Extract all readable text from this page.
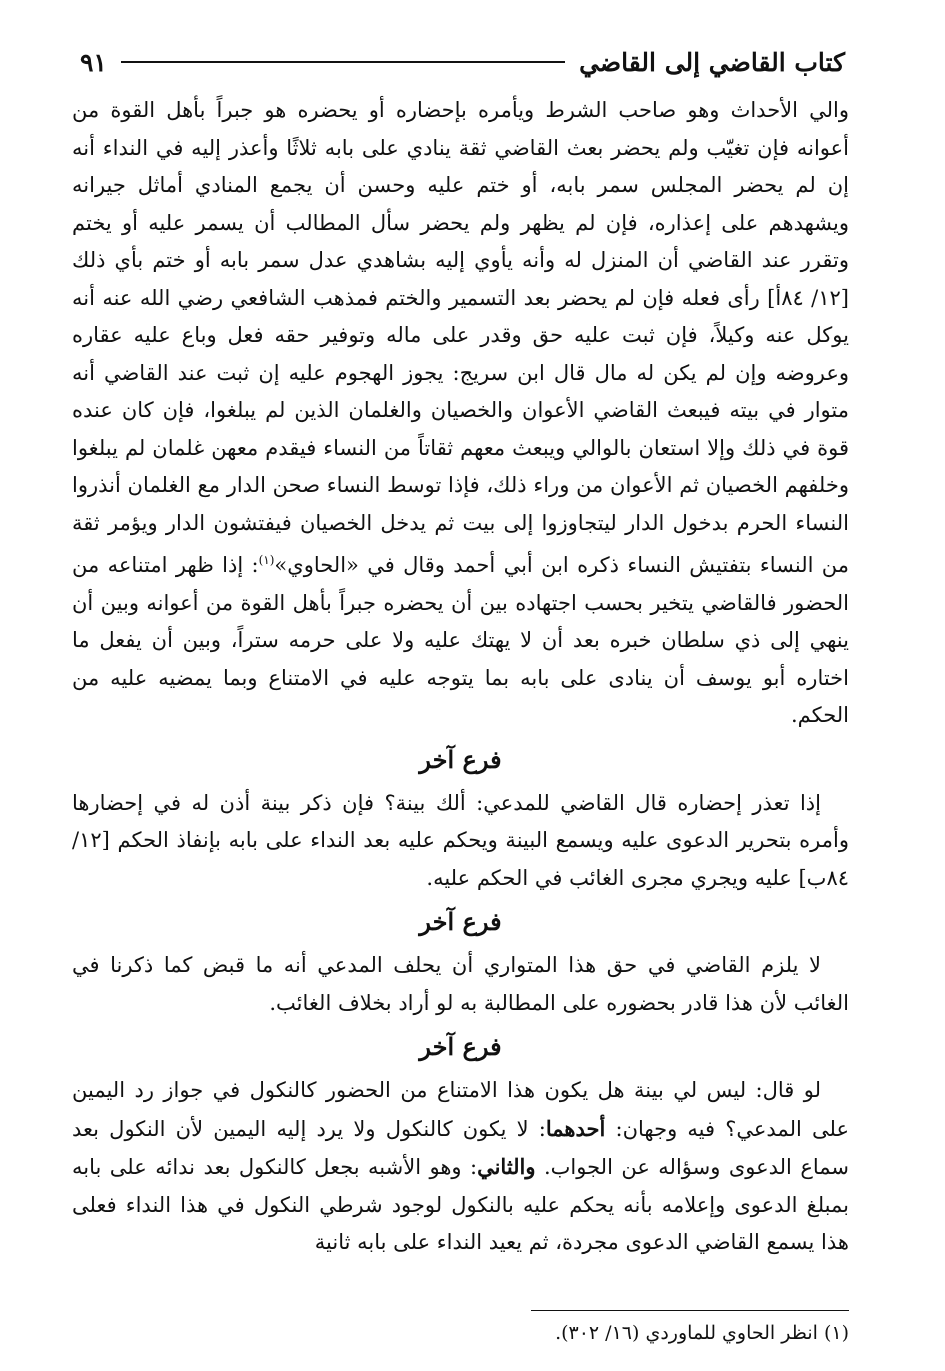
كتاب القاضي إلى القاضي
٩١

والي الأحداث وهو صاحب الشرط ويأمره بإحضاره أو يحضره هو جبراً بأهل القوة من أعوانه فإن تغيّب ولم يحضر بعث القاضي ثقة ينادي على بابه ثلاثًا وأعذر إليه في النداء أنه إن لم يحضر المجلس سمر بابه، أو ختم عليه وحسن أن يجمع المنادي أماثل جيرانه ويشهدهم على إعذاره، فإن لم يظهر ولم يحضر سأل المطالب أن يسمر عليه أو يختم وتقرر عند القاضي أن المنزل له وأنه يأوي إليه بشاهدي عدل سمر بابه أو ختم بأي ذلك [١٢/ ٨٤أ] رأى فعله فإن لم يحضر بعد التسمير والختم فمذهب الشافعي رضي الله عنه أنه يوكل عنه وكيلاً، فإن ثبت عليه حق وقدر على ماله وتوفير حقه فعل وباع عليه عقاره وعروضه وإن لم يكن له مال قال ابن سريج: يجوز الهجوم عليه إن ثبت عند القاضي أنه متوار في بيته فيبعث القاضي الأعوان والخصيان والغلمان الذين لم يبلغوا، فإن كان عنده قوة في ذلك وإلا استعان بالوالي ويبعث معهم ثقاتاً من النساء فيقدم معهن غلمان لم يبلغوا وخلفهم الخصيان ثم الأعوان من وراء ذلك، فإذا توسط النساء صحن الدار مع الغلمان أنذروا النساء الحرم بدخول الدار ليتجاوزوا إلى بيت ثم يدخل الخصيان فيفتشون الدار ويؤمر ثقة من النساء بتفتيش النساء ذكره ابن أبي أحمد وقال في «الحاوي»$^{(١)}$: إذا ظهر امتناعه من الحضور فالقاضي يتخير بحسب اجتهاده بين أن يحضره جبراً بأهل القوة من أعوانه وبين أن ينهي إلى ذي سلطان خبره بعد أن لا يهتك عليه ولا على حرمه ستراً، وبين أن يفعل ما اختاره أبو يوسف أن ينادى على بابه بما يتوجه عليه في الامتناع وبما يمضيه عليه من الحكم.

فرع آخر

إذا تعذر إحضاره قال القاضي للمدعي: ألك بينة؟ فإن ذكر بينة أذن له في إحضارها وأمره بتحرير الدعوى عليه ويسمع البينة ويحكم عليه بعد النداء على بابه بإنفاذ الحكم [١٢/ ٨٤ب] عليه ويجري مجرى الغائب في الحكم عليه.

فرع آخر

لا يلزم القاضي في حق هذا المتواري أن يحلف المدعي أنه ما قبض كما ذكرنا في الغائب لأن هذا قادر بحضوره على المطالبة به لو أراد بخلاف الغائب.

فرع آخر

لو قال: ليس لي بينة هل يكون هذا الامتناع من الحضور كالنكول في جواز رد اليمين على المدعي؟ فيه وجهان: أحدهما: لا يكون كالنكول ولا يرد إليه اليمين لأن النكول بعد سماع الدعوى وسؤاله عن الجواب. والثاني: وهو الأشبه بجعل كالنكول بعد ندائه على بابه بمبلغ الدعوى وإعلامه بأنه يحكم عليه بالنكول لوجود شرطي النكول في هذا النداء فعلى هذا يسمع القاضي الدعوى مجردة، ثم يعيد النداء على بابه ثانية

(١) انظر الحاوي للماوردي (١٦/ ٣٠٢).
